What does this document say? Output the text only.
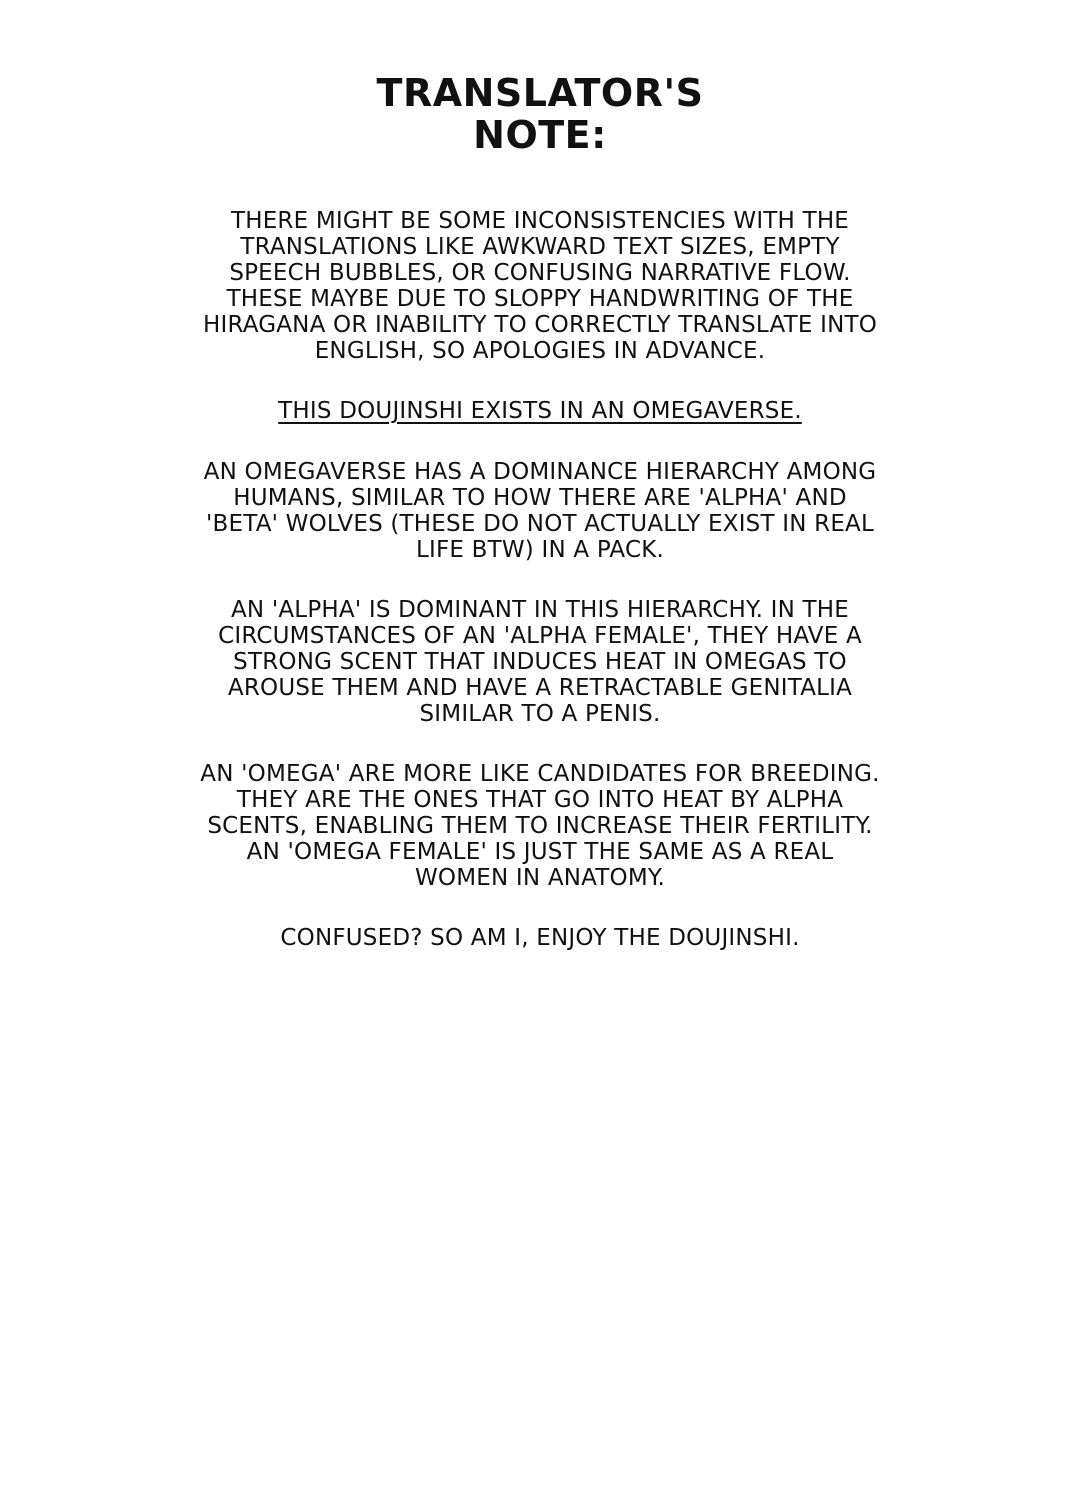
TRANSLATOR'S
NOTE:

THERE MIGHT BE SOME INCONSISTENCIES WITH THE
TRANSLATIONS LIKE AWKWARD TEXT SIZES, EMPTY
SPEECH BUBBLES, OR CONFUSING NARRATIVE FLOW.
THESE MAYBE DUE TO SLOPPY HANDWRITING OF THE
HIRAGANA OR INABILITY TO CORRECTLY TRANSLATE INTO
ENGLISH, SO APOLOGIES IN ADVANCE.

THIS DOUJINSHI EXISTS IN AN OMEGAVERSE.

AN OMEGAVERSE HAS A DOMINANCE HIERARCHY AMONG
HUMANS, SIMILAR TO HOW THERE ARE 'ALPHA' AND
'BETA' WOLVES (THESE DO NOT ACTUALLY EXIST IN REAL
LIFE BTW) IN A PACK.

AN 'ALPHA' IS DOMINANT IN THIS HIERARCHY. IN THE
CIRCUMSTANCES OF AN 'ALPHA FEMALE', THEY HAVE A
STRONG SCENT THAT INDUCES HEAT IN OMEGAS TO
AROUSE THEM AND HAVE A RETRACTABLE GENITALIA
SIMILAR TO A PENIS.

AN 'OMEGA' ARE MORE LIKE CANDIDATES FOR BREEDING.
THEY ARE THE ONES THAT GO INTO HEAT BY ALPHA
SCENTS, ENABLING THEM TO INCREASE THEIR FERTILITY.
AN 'OMEGA FEMALE' IS JUST THE SAME AS A REAL
WOMEN IN ANATOMY.

CONFUSED? SO AM I, ENJOY THE DOUJINSHI.
